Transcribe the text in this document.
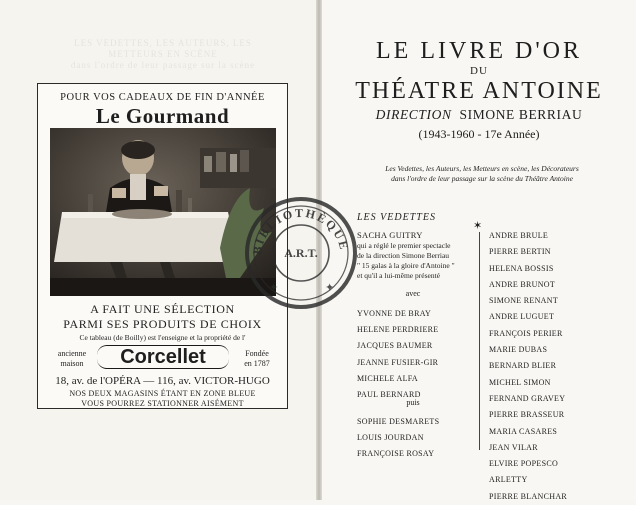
LES VEDETTES, LES AUTEURS, LES METTEURS EN SCÈNE
dans l'ordre de leur passage sur la scène
POUR VOS CADEAUX DE FIN D'ANNÉE
Le Gourmand
A FAIT UNE SÉLECTION
PARMI SES PRODUITS DE CHOIX
Ce tableau (de Boilly) est l'enseigne et la propriété de l'
ancienne
maison	Corcellet	Fondée
en 1787
18, av. de l'OPÉRA — 116, av. VICTOR-HUGO
NOS DEUX MAGASINS ÉTANT EN ZONE BLEUE
VOUS POURREZ STATIONNER AISÉMENT
LE LIVRE D'OR
DU
THÉATRE ANTOINE
DIRECTION SIMONE BERRIAU
(1943-1960 - 17e Année)
Les Vedettes, les Auteurs, les Metteurs en scène, les Décorateurs
dans l'ordre de leur passage sur la scène du Théâtre Antoine
LES VEDETTES
SACHA GUITRY
qui a réglé le premier spectacle
de la direction Simone Berriau
" 15 galas à la gloire d'Antoine "
et qu'il a lui-même présenté
avec
YVONNE DE BRAY
HELENE PERDRIERE
JACQUES BAUMER
JEANNE FUSIER-GIR
MICHELE ALFA
PAUL BERNARD
puis
SOPHIE DESMARETS
LOUIS JOURDAN
FRANÇOISE ROSAY
✶
ANDRE BRULE
PIERRE BERTIN
HELENA BOSSIS
ANDRE BRUNOT
SIMONE RENANT
ANDRE LUGUET
FRANÇOIS PERIER
MARIE DUBAS
BERNARD BLIER
MICHEL SIMON
FERNAND GRAVEY
PIERRE BRASSEUR
MARIA CASARES
JEAN VILAR
ELVIRE POPESCO
ARLETTY
PIERRE BLANCHAR
BIBLIOTHÈQUE
A.R.T.
✦	✦
